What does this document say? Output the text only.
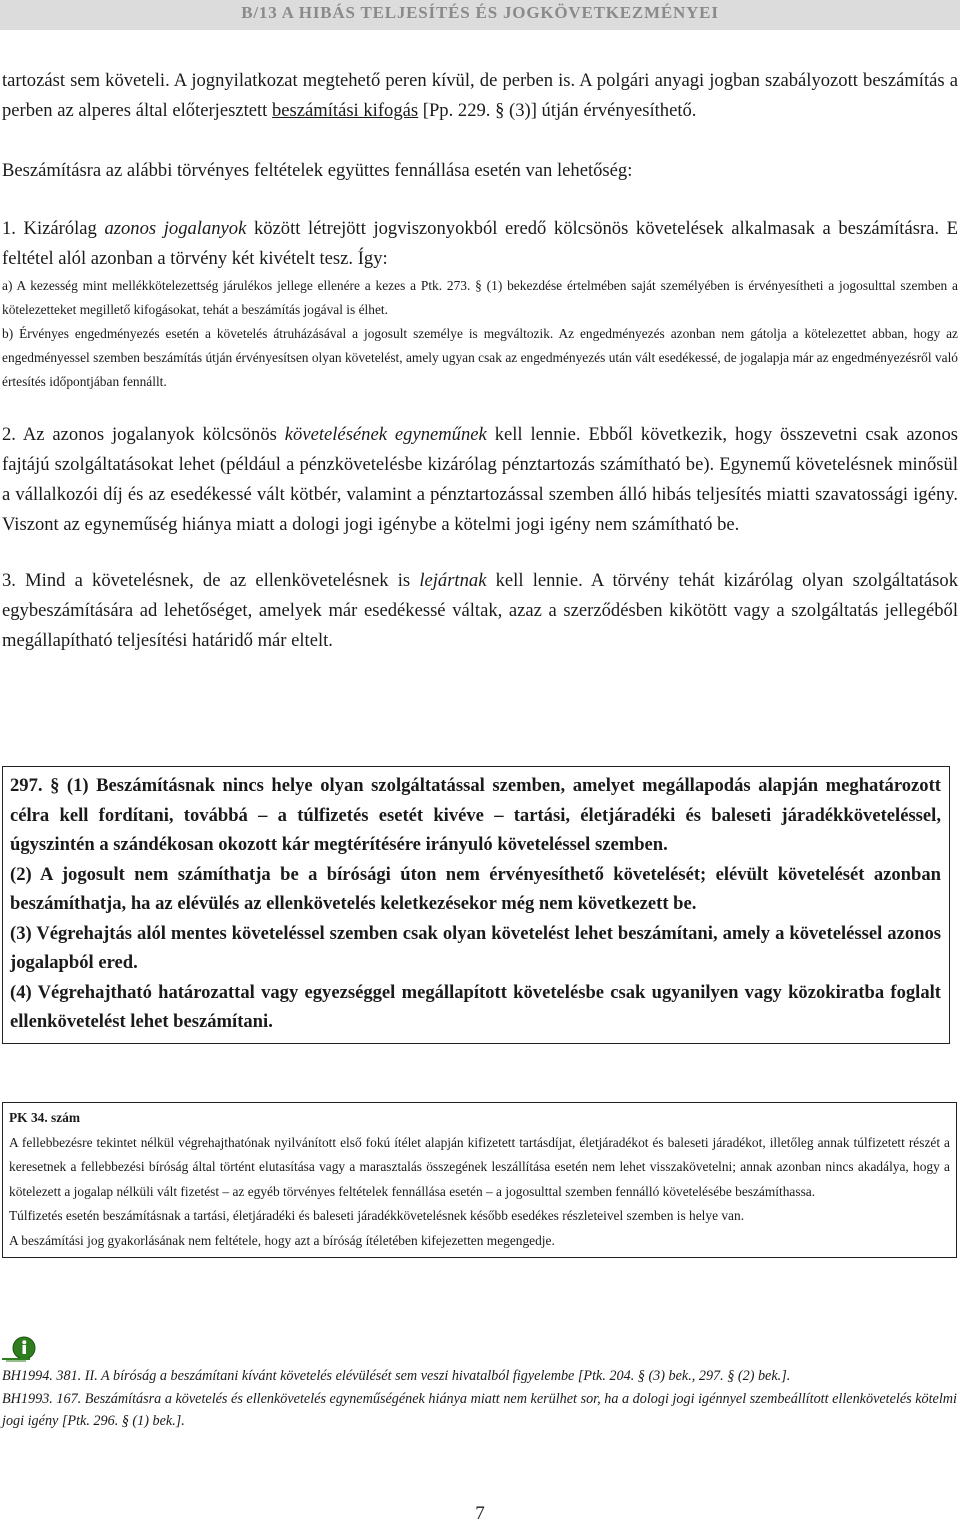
B/13 A HIBÁS TELJESÍTÉS ÉS JOGKÖVETKEZMÉNYEI

tartozást sem követeli. A jognyilatkozat megtehető peren kívül, de perben is. A polgári anyagi jogban szabályozott beszámítás a perben az alperes által előterjesztett beszámítási kifogás [Pp. 229. § (3)] útján érvényesíthető.

Beszámításra az alábbi törvényes feltételek együttes fennállása esetén van lehetőség:

1. Kizárólag azonos jogalanyok között létrejött jogviszonyokból eredő kölcsönös követelések alkalmasak a beszámításra. E feltétel alól azonban a törvény két kivételt tesz. Így:

a) A kezesség mint mellékkötelezettség járulékos jellege ellenére a kezes a Ptk. 273. § (1) bekezdése értelmében saját személyében is érvényesítheti a jogosulttal szemben a kötelezetteket megillető kifogásokat, tehát a beszámítás jogával is élhet.

b) Érvényes engedményezés esetén a követelés átruházásával a jogosult személye is megváltozik. Az engedményezés azonban nem gátolja a kötelezettet abban, hogy az engedményessel szemben beszámítás útján érvényesítsen olyan követelést, amely ugyan csak az engedményezés után vált esedékessé, de jogalapja már az engedményezésről való értesítés időpontjában fennállt.

2. Az azonos jogalanyok kölcsönös követelésének egyneműnek kell lennie. Ebből következik, hogy összevetni csak azonos fajtájú szolgáltatásokat lehet (például a pénzkövetelésbe kizárólag pénztartozás számítható be). Egynemű követelésnek minősül a vállalkozói díj és az esedékessé vált kötbér, valamint a pénztartozással szemben álló hibás teljesítés miatti szavatossági igény. Viszont az egyneműség hiánya miatt a dologi jogi igénybe a kötelmi jogi igény nem számítható be.

3. Mind a követelésnek, de az ellenkövetelésnek is lejártnak kell lennie. A törvény tehát kizárólag olyan szolgáltatások egybeszámítására ad lehetőséget, amelyek már esedékessé váltak, azaz a szerződésben kikötött vagy a szolgáltatás jellegéből megállapítható teljesítési határidő már eltelt.

297. § (1) Beszámításnak nincs helye olyan szolgáltatással szemben, amelyet megállapodás alapján meghatározott célra kell fordítani, továbbá – a túlfizetés esetét kivéve – tartási, életjáradéki és baleseti járadékköveteléssel, úgyszintén a szándékosan okozott kár megtérítésére irányuló követeléssel szemben.

(2) A jogosult nem számíthatja be a bírósági úton nem érvényesíthető követelését; elévült követelését azonban beszámíthatja, ha az elévülés az ellenkövetelés keletkezésekor még nem következett be.

(3) Végrehajtás alól mentes követeléssel szemben csak olyan követelést lehet beszámítani, amely a követeléssel azonos jogalapból ered.

(4) Végrehajtható határozattal vagy egyezséggel megállapított követelésbe csak ugyanilyen vagy közokiratba foglalt ellenkövetelést lehet beszámítani.

PK 34. szám

A fellebbezésre tekintet nélkül végrehajthatónak nyilvánított első fokú ítélet alapján kifizetett tartásdíjat, életjáradékot és baleseti járadékot, illetőleg annak túlfizetett részét a keresetnek a fellebbezési bíróság által történt elutasítása vagy a marasztalás összegének leszállítása esetén nem lehet visszakövetelni; annak azonban nincs akadálya, hogy a kötelezett a jogalap nélküli vált fizetést – az egyéb törvényes feltételek fennállása esetén – a jogosulttal szemben fennálló követelésébe beszámíthassa.

Túlfizetés esetén beszámításnak a tartási, életjáradéki és baleseti járadékkövetelésnek később esedékes részleteivel szemben is helye van.

A beszámítási jog gyakorlásának nem feltétele, hogy azt a bíróság ítéletében kifejezetten megengedje.

BH1994. 381. II. A bíróság a beszámítani kívánt követelés elévülését sem veszi hivatalból figyelembe [Ptk. 204. § (3) bek., 297. § (2) bek.].

BH1993. 167. Beszámításra a követelés és ellenkövetelés egyneműségének hiánya miatt nem kerülhet sor, ha a dologi jogi igénnyel szembeállított ellenkövetelés kötelmi jogi igény [Ptk. 296. § (1) bek.].

7
